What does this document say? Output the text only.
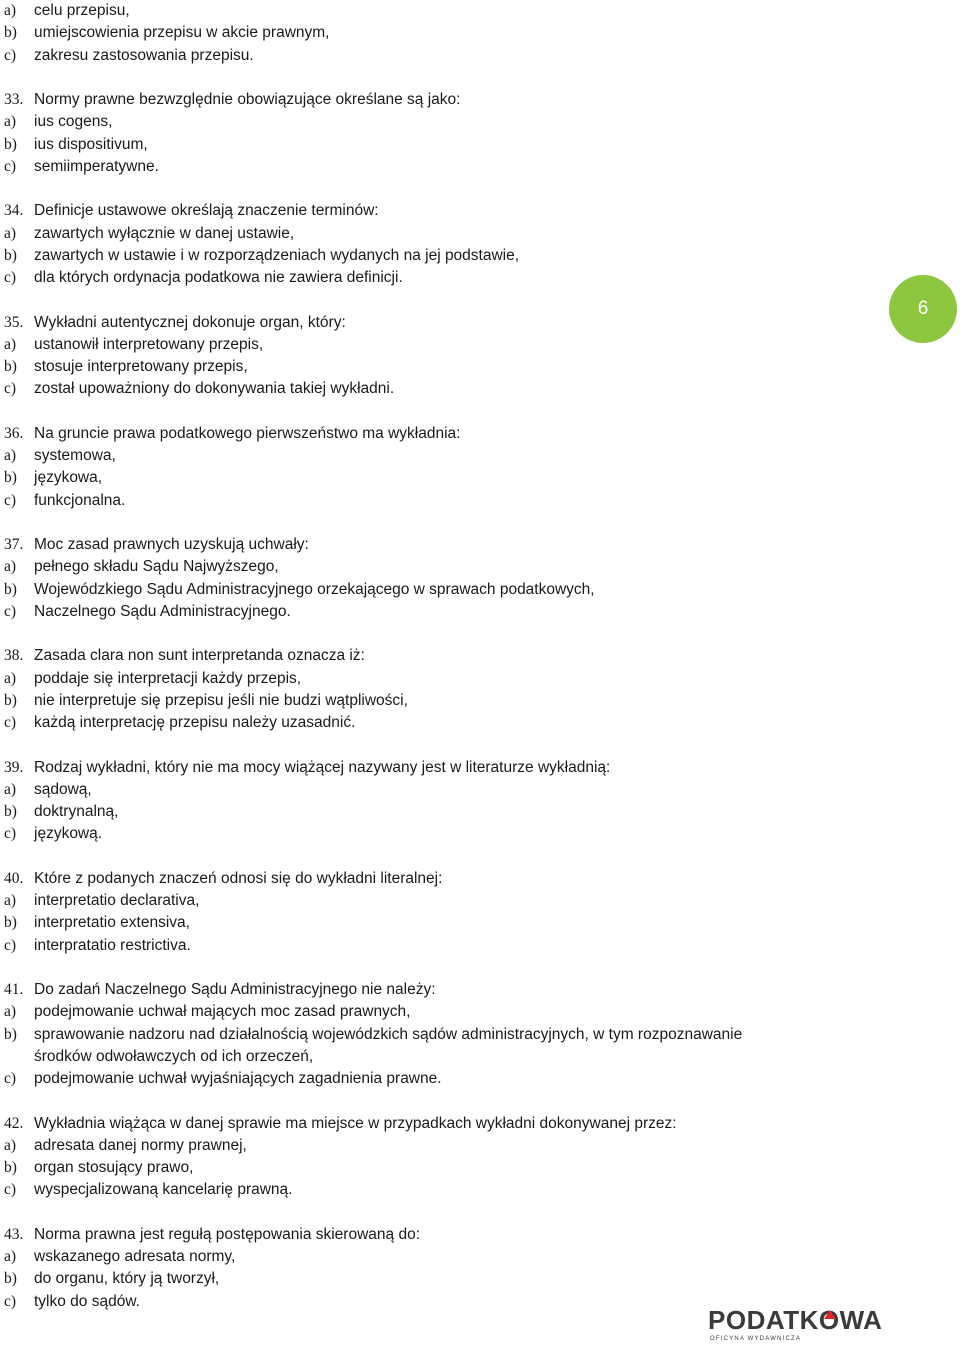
a) celu przepisu,
b) umiejscowienia przepisu w akcie prawnym,
c) zakresu zastosowania przepisu.
33. Normy prawne bezwzględnie obowiązujące określane są jako:
a) ius cogens,
b) ius dispositivum,
c) semiimperatywne.
34. Definicje ustawowe określają znaczenie terminów:
a) zawartych wyłącznie w danej ustawie,
b) zawartych w ustawie i w rozporządzeniach wydanych na jej podstawie,
c) dla których ordynacja podatkowa nie zawiera definicji.
35. Wykładni autentycznej dokonuje organ, który:
a) ustanowił interpretowany przepis,
b) stosuje interpretowany przepis,
c) został upoważniony do dokonywania takiej wykładni.
36. Na gruncie prawa podatkowego pierwszeństwo ma wykładnia:
a) systemowa,
b) językowa,
c) funkcjonalna.
37. Moc zasad prawnych uzyskują uchwały:
a) pełnego składu Sądu Najwyższego,
b) Wojewódzkiego Sądu Administracyjnego orzekającego w sprawach podatkowych,
c) Naczelnego Sądu Administracyjnego.
38. Zasada clara non sunt interpretanda oznacza iż:
a) poddaje się interpretacji każdy przepis,
b) nie interpretuje się przepisu jeśli nie budzi wątpliwości,
c) każdą interpretację przepisu należy uzasadnić.
39. Rodzaj wykładni, który nie ma mocy wiążącej nazywany jest w literaturze wykładnią:
a) sądową,
b) doktrynalną,
c) językową.
40. Które z podanych znaczeń odnosi się do wykładni literalnej:
a) interpretatio declarativa,
b) interpretatio extensiva,
c) interpratatio restrictiva.
41. Do zadań Naczelnego Sądu Administracyjnego nie należy:
a) podejmowanie uchwał mających moc zasad prawnych,
b) sprawowanie nadzoru nad działalnością wojewódzkich sądów administracyjnych, w tym rozpoznawanie
środków odwoławczych od ich orzeczeń,
c) podejmowanie uchwał wyjaśniających zagadnienia prawne.
42. Wykładnia wiążąca w danej sprawie ma miejsce w przypadkach wykładni dokonywanej przez:
a) adresata danej normy prawnej,
b) organ stosujący prawo,
c) wyspecjalizowaną kancelarię prawną.
43. Norma prawna jest regułą postępowania skierowaną do:
a) wskazanego adresata normy,
b) do organu, który ją tworzył,
c) tylko do sądów.
6
PODATKOWA
OFICYNA WYDAWNICZA
